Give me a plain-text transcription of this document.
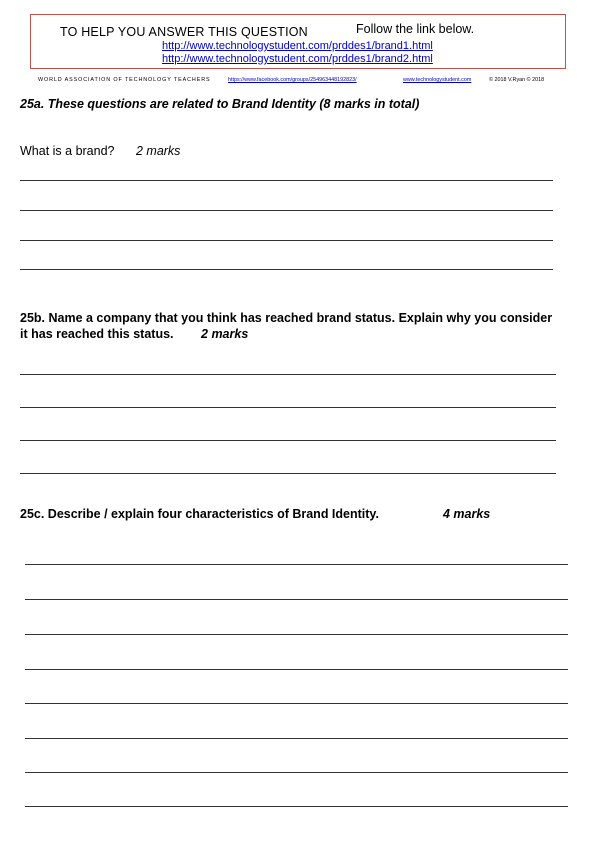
TO HELP YOU ANSWER THIS QUESTION	Follow the link below.
http://www.technologystudent.com/prddes1/brand1.html
http://www.technologystudent.com/prddes1/brand2.html
WORLD ASSOCIATION OF TECHNOLOGY TEACHERS	https://www.facebook.com/groups/254963448192823/	www.technologystudent.com	© 2018 V.Ryan © 2018
25a. These questions are related to Brand Identity (8 marks in total)
What is a brand? 2 marks
25b. Name a company that you think has reached brand status. Explain why you consider it has reached this status. 2 marks
25c. Describe / explain four characteristics of Brand Identity.	4 marks
